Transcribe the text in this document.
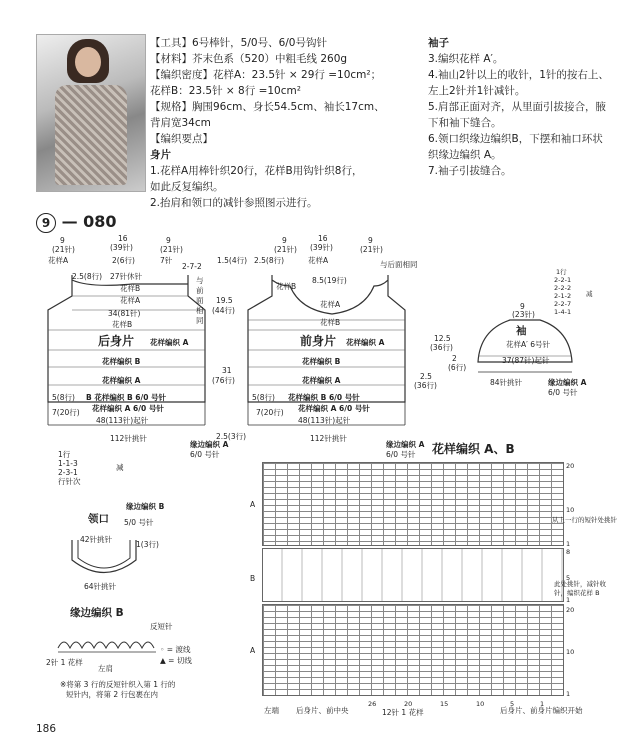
【工具】6号棒针，5/0号、6/0号钩针
【材料】芥末色系（520）中粗毛线 260g
【编织密度】花样A：23.5针 × 29行 =10cm²；
花样B：23.5针 × 8行 =10cm²
【规格】胸围96cm、身长54.5cm、袖长17cm、
背肩宽34cm
【编织要点】
身片
1.花样A用棒针织20行，花样B用钩针织8行，
如此反复编织。
2.抬肩和领口的减针参照图示进行。
袖子
3.编织花样 A′。
4.袖山2针以上的收针，1针的按右上、
左上2针并1针减针。
5.肩部正面对齐，从里面引拔接合，腋
下和袖下缝合。
6.领口织缘边编织B，下摆和袖口环状
织缘边编织 A。
7.袖子引拔缝合。
9 — 080
9	16	9
(21针)	(39针)	(21针)
花样A	2(6行)	7针
2-7-2
2.5(8行) 27针休针	与前面相同
花样B
花样A
34(81针)
花样B
后身片 花样编织 A
花样编织 B
花样编织 A
5(8行) B 花样编织 B 6/0 号针
7(20行) 花样编织 A 6/0 号针
48(113针)起针
19.5
(44行)
31
(76行)
2.5(3行)
112针挑针
缘边编织 A
6/0 号针
9	16	9
(21针) (39针)	(21针)
1.5(4行) 2.5(8行)	花样A	与后面相同
8.5(19行)
花样B
花样A
花样B
前身片 花样编织 A
花样编织 B
花样编织 A
5(8行) 花样编织 B 6/0 号针
7(20行) 花样编织 A 6/0 号针
48(113针)起针
112针挑针
缘边编织 A
6/0 号针
1行
2-2-1
2-2-2
2-1-2
2-2-7
1-4-1
减
9
(23针)
袖
花样A′ 6号针
12.5
(36行)
2
(6行)
2.5
(36行)
37(87针)起针
84针挑针	缘边编织 A
6/0 号针
1行
1-1-3
2-3-1
行针次
减
缘边编织 B
领口 5/0 号针
42针挑针
1(3行)
64针挑针
缘边编织 B
反短针
◦ = 渡线
▲ = 切线
2针 1 花样
左肩
※将第 3 行的反短针织入第 1 行的
短针内，将第 2 行包裹在内
花样编织 A、B
A
B
A
20
10
1
8
5
1
20
10
1
26	20	15	10	5	1
从上一行的短针处挑针
此处挑针，减针收
针，编织花样 B
左端 后身片、前中央	12针 1 花样	后身片、前身片编织开始
186
